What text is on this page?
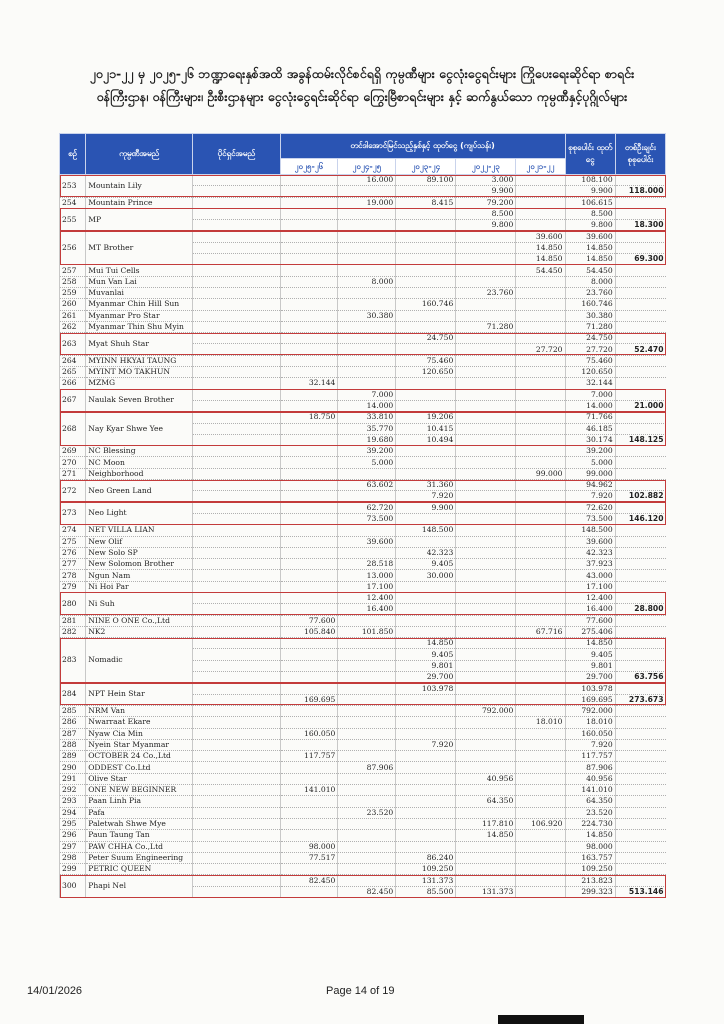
၂၀၂၁-၂၂ မှ ၂၀၂၅-၂၆ ဘဏ္ဍာရေးနှစ်အထိ အခွန်ထမ်းလိုင်စင်ရရှိ ကုမ္ပဏီများ ငွေလုံးငွေရင်းများ ကြိုပေးရေးဆိုင်ရာ စာရင်း
ဝန်ကြီးဌာန၊ ဝန်ကြီးများ၊ ဦးစီးဌာနများ ငွေလုံးငွေရင်းဆိုင်ရာ ကြွေးမြီစာရင်းများ နှင့် ဆက်နွယ်သော ကုမ္ပဏီနှင့်ပုဂ္ဂိုလ်များ
စဉ်	ကုမ္ပဏီအမည်	ပိုင်ရှင်အမည်	တင်ဒါအောင်မြင်သည့်နှစ်နှင့် ထုတ်ငွေ (ကျပ်သန်း)					စုစုပေါင်း ထုတ်ငွေ	တစ်ဦးချင်း စုစုပေါင်း
			၂၀၂၅-၂၆	၂၀၂၄-၂၅	၂၀၂၃-၂၄	၂၀၂၂-၂၃	၂၀၂၁-၂၂		
253	Mountain Lily			16.000	89.100	3.000		108.100	
						9.900		9.900	118.000
254	Mountain Prince			19.000	8.415	79.200		106.615	
255	MP					8.500		8.500	
						9.800		9.800	18.300
256	MT Brother						39.600	39.600	
							14.850	14.850	
							14.850	14.850	69.300
257	Mui Tui Cells						54.450	54.450	
258	Mun Van Lai			8.000				8.000	
259	Muvanlai					23.760		23.760	
260	Myanmar Chin Hill Sun				160.746			160.746	
261	Myanmar Pro Star			30.380				30.380	
262	Myanmar Thin Shu Myin					71.280		71.280	
263	Myat Shuh Star				24.750			24.750	
							27.720	27.720	52.470
264	MYINN HKYAI TAUNG				75.460			75.460	
265	MYINT MO TAKHUN				120.650			120.650	
266	MZMG		32.144					32.144	
267	Naulak Seven Brother			7.000				7.000	
				14.000				14.000	21.000
268	Nay Kyar Shwe Yee		18.750	33.810	19.206			71.766	
				35.770	10.415			46.185	
				19.680	10.494			30.174	148.125
269	NC Blessing			39.200				39.200	
270	NC Moon			5.000				5.000	
271	Neighborhood						99.000	99.000	
272	Neo Green Land			63.602	31.360			94.962	
					7.920			7.920	102.882
273	Neo Light			62.720	9.900			72.620	
				73.500				73.500	146.120
274	NET VILLA LIAN				148.500			148.500	
275	New Olif			39.600				39.600	
276	New Solo SP				42.323			42.323	
277	New Solomon Brother			28.518	9.405			37.923	
278	Ngun Nam			13.000	30.000			43.000	
279	Ni Hoi Par			17.100				17.100	
280	Ni Suh			12.400				12.400	
				16.400				16.400	28.800
281	NINE O ONE Co.,Ltd		77.600					77.600	
282	NK2		105.840	101.850			67.716	275.406	
283	Nomadic				14.850			14.850	
					9.405			9.405	
					9.801			9.801	
					29.700			29.700	63.756
284	NPT Hein Star				103.978			103.978	
			169.695					169.695	273.673
285	NRM Van					792.000		792.000	
286	Nwarraat Ekare						18.010	18.010	
287	Nyaw Cia Min		160.050					160.050	
288	Nyein Star Myanmar				7.920			7.920	
289	OCTOBER 24 Co.,Ltd		117.757					117.757	
290	ODDEST Co.Ltd			87.906				87.906	
291	Olive Star					40.956		40.956	
292	ONE NEW BEGINNER		141.010					141.010	
293	Paan Linh Pia					64.350		64.350	
294	Pafa			23.520				23.520	
295	Paletwah Shwe Mye					117.810	106.920	224.730	
296	Paun Taung Tan					14.850		14.850	
297	PAW CHHA Co.,Ltd		98.000					98.000	
298	Peter Suum Engineering		77.517		86.240			163.757	
299	PETRIC QUEEN				109.250			109.250	
300	Phapi Nel		82.450		131.373			213.823	
				82.450	85.500	131.373		299.323	513.146
14/01/2026	Page 14 of 19
